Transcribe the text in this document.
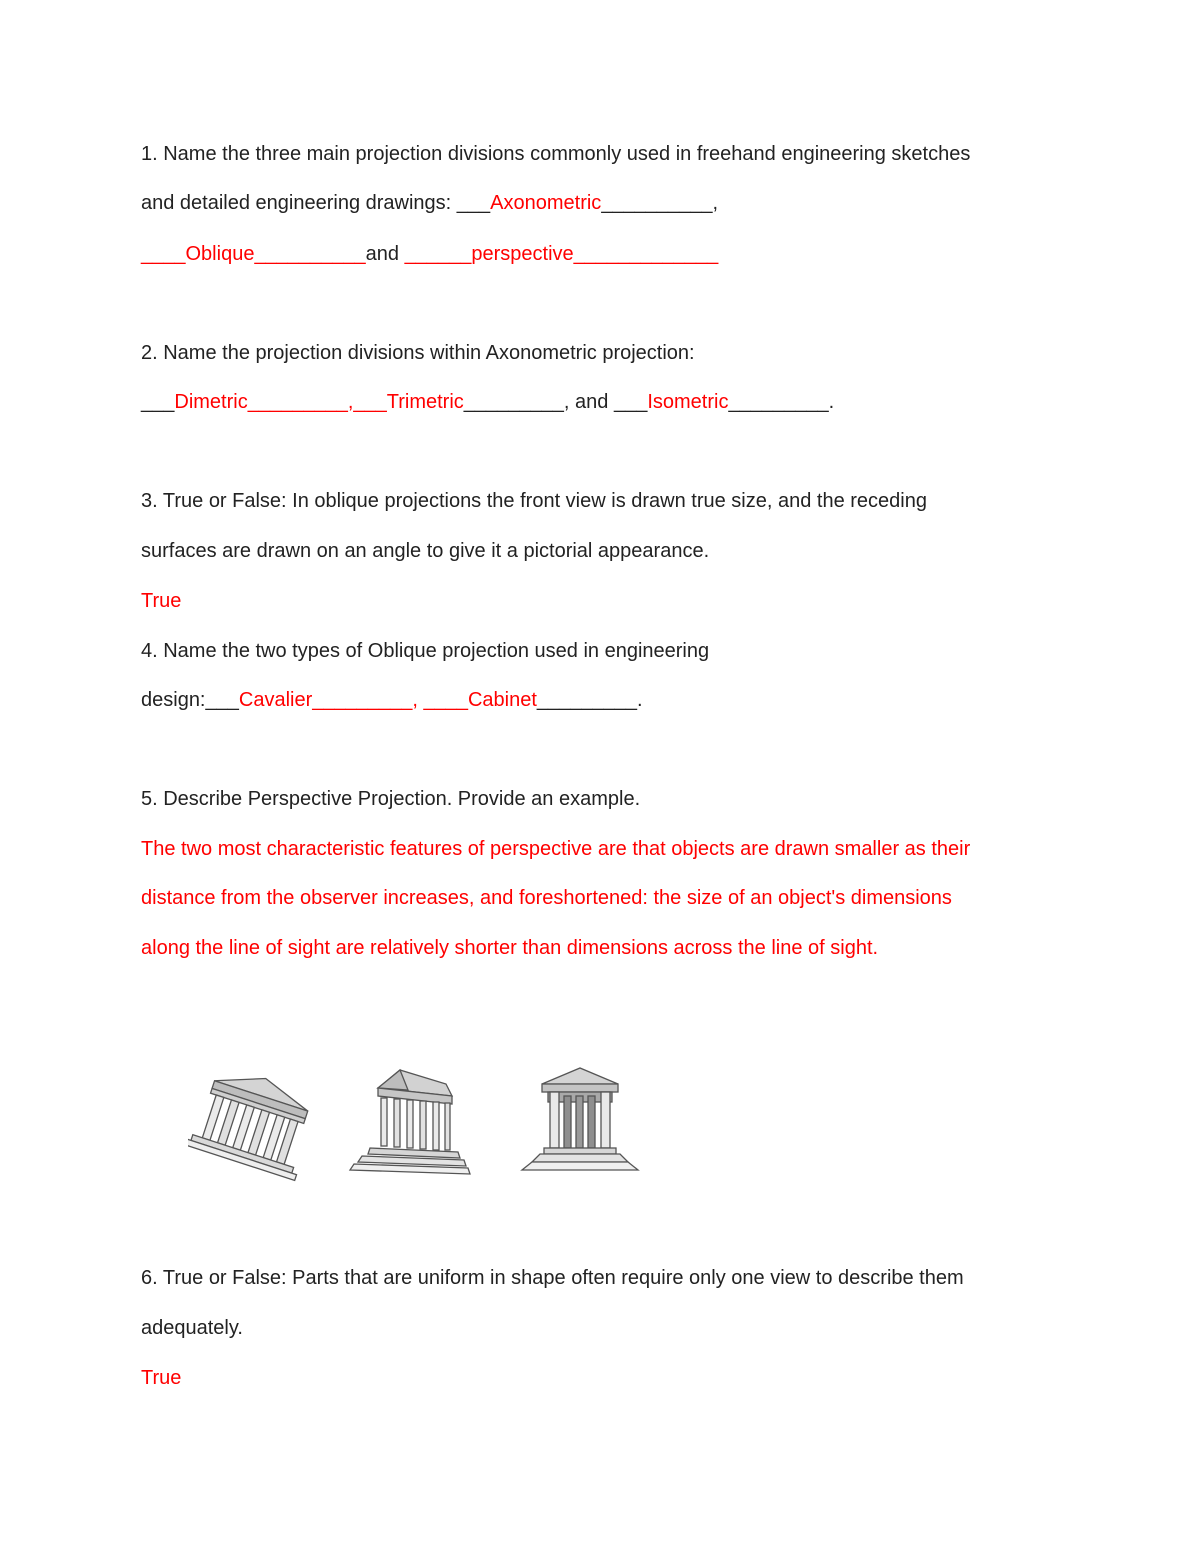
1. Name the three main projection divisions commonly used in freehand engineering sketches
and detailed engineering drawings: ___Axonometric__________,
____Oblique__________and ______perspective_____________
2. Name the projection divisions within Axonometric projection:
___Dimetric_________,___Trimetric_________, and ___Isometric_________.
3. True or False: In oblique projections the front view is drawn true size, and the receding
surfaces are drawn on an angle to give it a pictorial appearance.
True
4. Name the two types of Oblique projection used in engineering
design:___Cavalier_________, ____Cabinet_________.
5. Describe Perspective Projection. Provide an example.
The two most characteristic features of perspective are that objects are drawn smaller as their
distance from the observer increases, and foreshortened: the size of an object's dimensions
along the line of sight are relatively shorter than dimensions across the line of sight.
6. True or False: Parts that are uniform in shape often require only one view to describe them
adequately.
True
